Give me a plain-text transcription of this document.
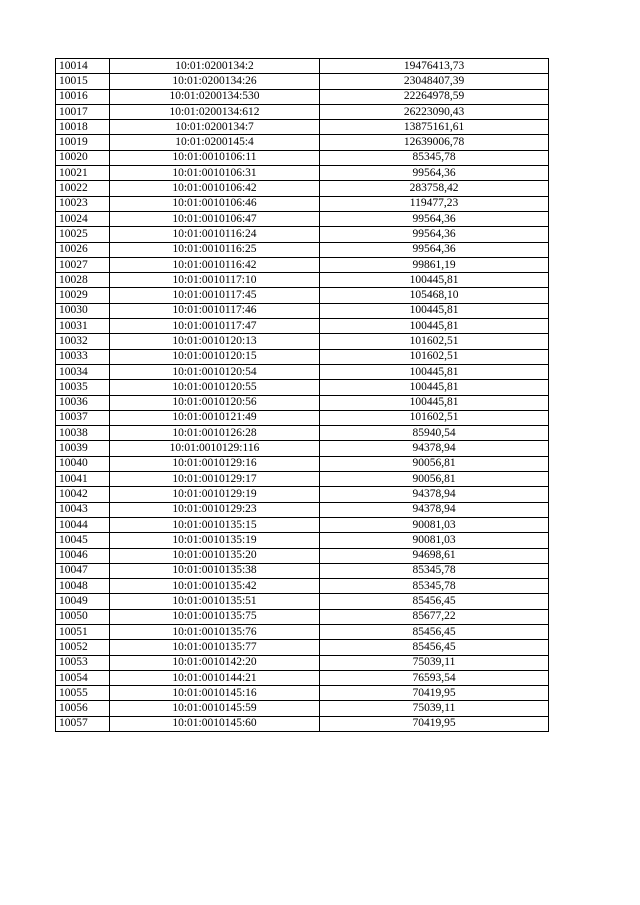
10014	10:01:0200134:2	19476413,73
10015	10:01:0200134:26	23048407,39
10016	10:01:0200134:530	22264978,59
10017	10:01:0200134:612	26223090,43
10018	10:01:0200134:7	13875161,61
10019	10:01:0200145:4	12639006,78
10020	10:01:0010106:11	85345,78
10021	10:01:0010106:31	99564,36
10022	10:01:0010106:42	283758,42
10023	10:01:0010106:46	119477,23
10024	10:01:0010106:47	99564,36
10025	10:01:0010116:24	99564,36
10026	10:01:0010116:25	99564,36
10027	10:01:0010116:42	99861,19
10028	10:01:0010117:10	100445,81
10029	10:01:0010117:45	105468,10
10030	10:01:0010117:46	100445,81
10031	10:01:0010117:47	100445,81
10032	10:01:0010120:13	101602,51
10033	10:01:0010120:15	101602,51
10034	10:01:0010120:54	100445,81
10035	10:01:0010120:55	100445,81
10036	10:01:0010120:56	100445,81
10037	10:01:0010121:49	101602,51
10038	10:01:0010126:28	85940,54
10039	10:01:0010129:116	94378,94
10040	10:01:0010129:16	90056,81
10041	10:01:0010129:17	90056,81
10042	10:01:0010129:19	94378,94
10043	10:01:0010129:23	94378,94
10044	10:01:0010135:15	90081,03
10045	10:01:0010135:19	90081,03
10046	10:01:0010135:20	94698,61
10047	10:01:0010135:38	85345,78
10048	10:01:0010135:42	85345,78
10049	10:01:0010135:51	85456,45
10050	10:01:0010135:75	85677,22
10051	10:01:0010135:76	85456,45
10052	10:01:0010135:77	85456,45
10053	10:01:0010142:20	75039,11
10054	10:01:0010144:21	76593,54
10055	10:01:0010145:16	70419,95
10056	10:01:0010145:59	75039,11
10057	10:01:0010145:60	70419,95
